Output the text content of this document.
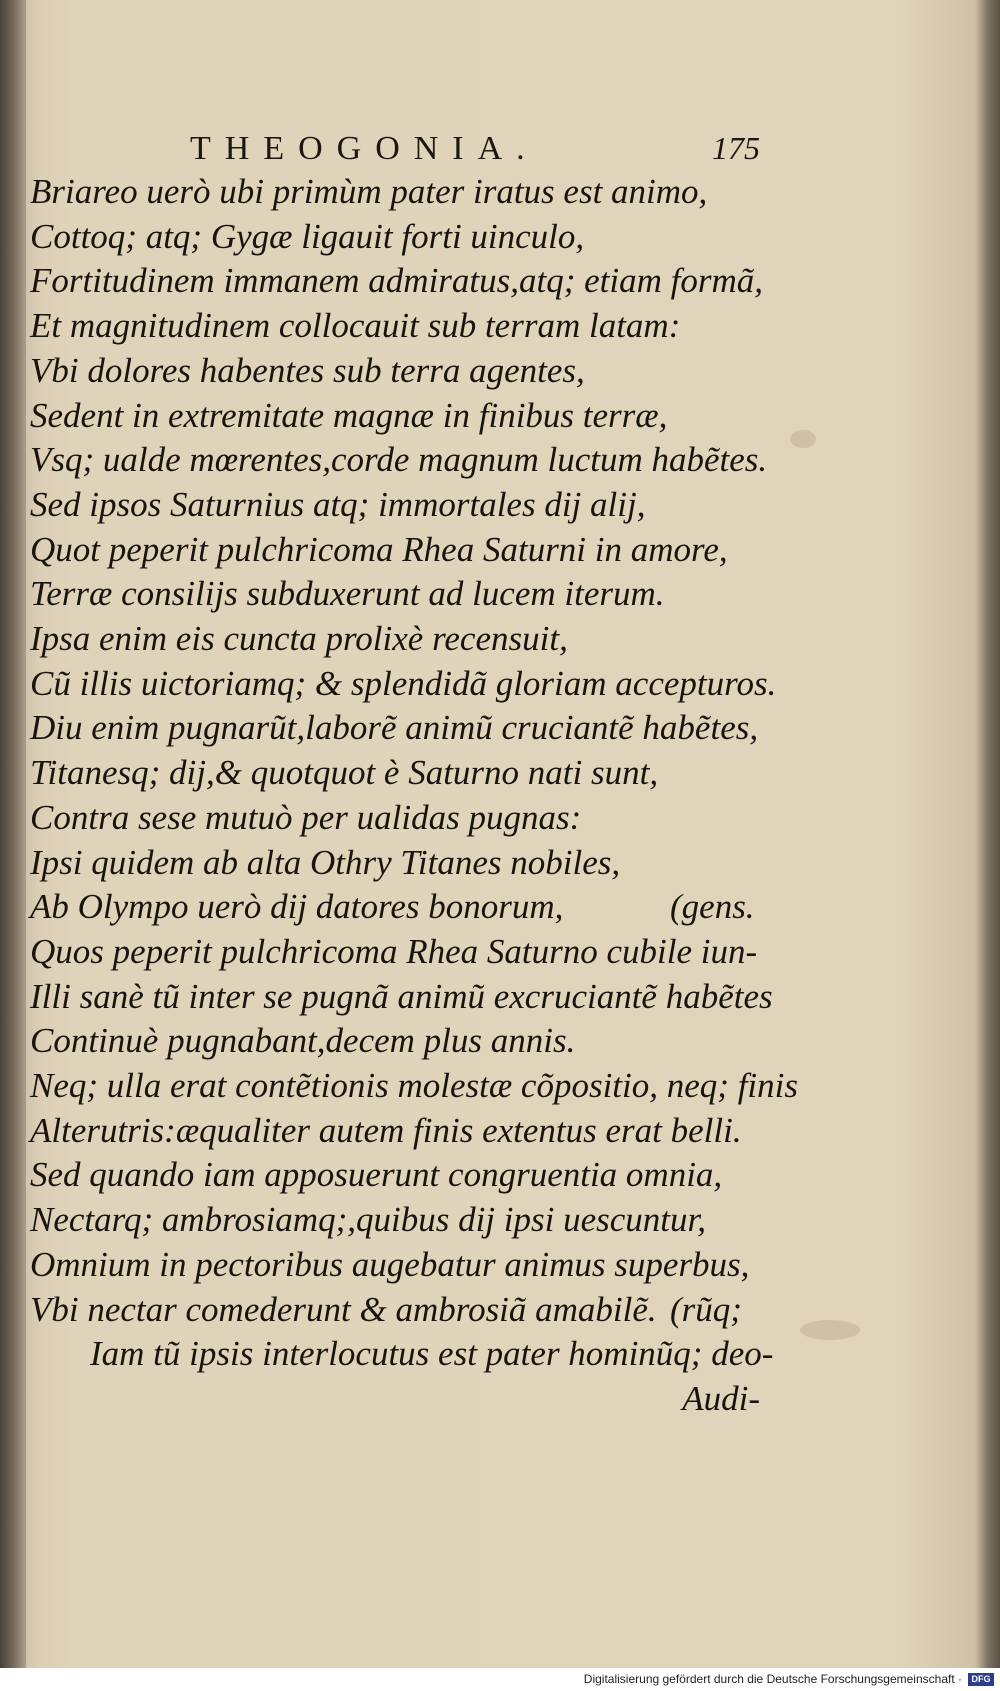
THEOGONIA.	175
Briareo uerò ubi primùm pater iratus est animo,
Cottoq; atq; Gygæ ligauit forti uinculo,
Fortitudinem immanem admiratus,atq; etiam formã,
Et magnitudinem collocauit sub terram latam:
Vbi dolores habentes sub terra agentes,
Sedent in extremitate magnæ in finibus terræ,
Vsq; ualde mœrentes,corde magnum luctum habẽtes.
Sed ipsos Saturnius atq; immortales dij alij,
Quot peperit pulchricoma Rhea Saturni in amore,
Terræ consilijs subduxerunt ad lucem iterum.
Ipsa enim eis cuncta prolixè recensuit,
Cũ illis uictoriamq; & splendidã gloriam accepturos.
Diu enim pugnarũt,laborẽ animũ cruciantẽ habẽtes,
Titanesq; dij,& quotquot è Saturno nati sunt,
Contra sese mutuò per ualidas pugnas:
Ipsi quidem ab alta Othry Titanes nobiles,
Ab Olympo uerò dij datores bonorum,	(gens.
Quos peperit pulchricoma Rhea Saturno cubile iun-
Illi sanè tũ inter se pugnã animũ excruciantẽ habẽtes
Continuè pugnabant,decem plus annis.
Neq; ulla erat contẽtionis molestæ cõpositio, neq; finis
Alterutris:æqualiter autem finis extentus erat belli.
Sed quando iam apposuerunt congruentia omnia,
Nectarq; ambrosiamq;,quibus dij ipsi uescuntur,
Omnium in pectoribus augebatur animus superbus,
Vbi nectar comederunt & ambrosiã amabilẽ. (rũq;
Iam tũ ipsis interlocutus est pater hominũq; deo-
Audi-
Digitalisierung gefördert durch die Deutsche Forschungsgemeinschaft · DFG
